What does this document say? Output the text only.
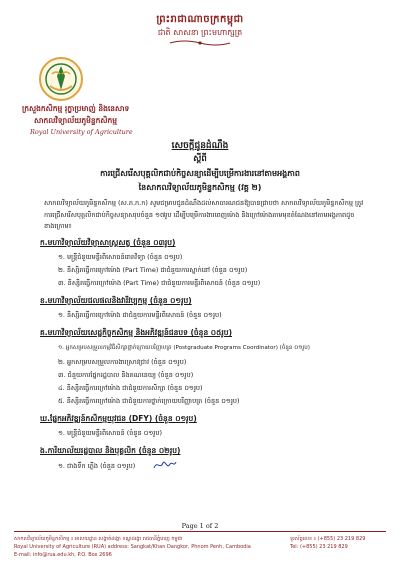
ព្រះរាជាណាចក្រកម្ពុជា
ជាតិ សាសនា ព្រះមហាក្សត្រ
ក្រសួងកសិកម្ម រុក្ខាប្រមាញ់ និងនេសាទ
សាកលវិទ្យាល័យភូមិន្ទកសិកម្ម
Royal University of Agriculture
សេចក្តីជូនដំណឹង
ស្តីពី
ការជ្រើសរើសបុគ្គលិកជាប់កិច្ចសន្យាដើម្បីបម្រើការងារនៅតាមអង្គភាព
នៃសាកលវិទ្យាល័យភូមិន្ទកសិកម្ម (វគ្គ ២)
សាកលវិទ្យាល័យភូមិន្ទកសិកម្ម (ស.ភ.ក.ក) សូមជម្រាបជូនដំណឹងដល់សាធារណជនឱ្យបានជ្រាបថា សាកលវិទ្យាល័យភូមិន្ទកសិកម្ម ត្រូវការជ្រើសរើសបុគ្គលិកជាប់កិច្ចសន្យាសរុបចំនួន ១៧រូប ដើម្បីបម្រើការងារពេញម៉ោង និងក្រៅម៉ោងតាមមុខតំណែងនៅតាមអង្គភាពដូចខាងក្រោម៖
ក.មហាវិទ្យាល័យវិទ្យាសាស្ត្រសត្វ (ចំនួន ០៣រូប)
១. មន្ត្រីជំនួយមន្ទីរពិសោធន៍រោគវិទ្យា (ចំនួន ០១រូប)
២. និស្សិតធ្វើការក្រៅម៉ោង (Part Time) ជាជំនួយការស្នាក់នៅ (ចំនួន ០១រូប)
៣. និស្សិតធ្វើការក្រៅម៉ោង (Part Time) ជាជំនួយការមន្ទីរពិសោធន៍ (ចំនួន ០១រូប)
ខ.មហាវិទ្យាល័យជលផលនិងវារីវប្បកម្ម (ចំនួន ០១រូប)
១. និស្សិតធ្វើការក្រៅម៉ោង ជាជំនួយការមន្ទីរពិសោធន៍ (ចំនួន ០១រូប)
គ.មហាវិទ្យាល័យសេដ្ឋកិច្ចកសិកម្ម និងអភិវឌ្ឍន៍ជនបទ (ចំនួន ០៥រូប)
១. អ្នកសម្របសម្រួលកម្មវិធីសិក្សាថ្នាក់ក្រោយបរិញ្ញាបត្រ (Postgraduate Programs Coordinator) (ចំនួន ០១រូប)
២. អ្នកសម្របសម្រួលការងារស្រាវជ្រាវ (ចំនួន ០១រូប)
៣. ជំនួយការផ្នែករដ្ឋបាល និងគណនេយ្យ (ចំនួន ០១រូប)
៤. និស្សិតធ្វើការក្រៅម៉ោង ជាជំនួយការសិក្សា (ចំនួន ០១រូប)
៥. និស្សិតធ្វើការក្រៅម៉ោង ជាជំនួយការថ្នាក់ក្រោយបរិញ្ញាបត្រ (ចំនួន ០១រូប)
ឃ.ផ្នែកអភិវឌ្ឍន៍កសិកម្មយុវជន (DFY) (ចំនួន ០១រូប)
១. មន្ត្រីជំនួយមន្ទីរពិសោធន៍ (ចំនួន ០១រូប)
ង.ការិយាល័យរដ្ឋបាល និងបុគ្គលិក (ចំនួន ០២រូប)
១. ជាងទឹក ភ្លើង (ចំនួន ០១រូប)
Page 1 of 2
សាកលវិទ្យាល័យភូមិន្ទកសិកម្ម ៖ អាសយដ្ឋាន សង្កាត់ដង្កោ ខណ្ឌដង្កោ រាជធានីភ្នំពេញ កម្ពុជា
Royal University of Agriculture (RUA) address: Sangkat/Khan Dangkor, Phnom Penh, Cambodia
E-mail: info@rua.edu.kh, P.O. Box 2696
ទូរស័ព្ទលេខ ៖ (+855) 23 219 829
Tel: (+855) 23 219 829
